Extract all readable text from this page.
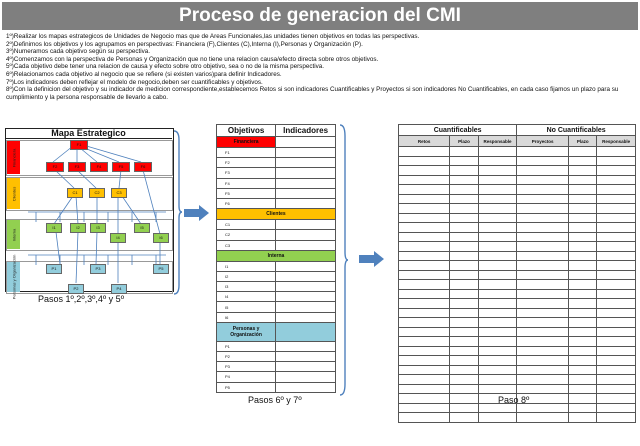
Proceso de generacion del CMI
1º)Realizar los mapas estrategicos de Unidades de Negocio mas que de Areas Funcionales,las unidades tienen objetivos en todas las perspectivas.
2º)Definimos los objetivos y los agrupamos en perspectivas: Financiera (F),Clientes (C),Interna (I),Personas y Organización (P).
3º)Numeramos cada objetivo según su perspectiva.
4º)Comenzamos con la perspectiva de Personas y Organización que no tiene una relacion causa/efecto directa sobre otros objetivos.
5º)Cada objetivo debe tener una relacion de causa y efecto sobre otro objetivo, sea o no de la misma perspectiva.
6º)Relacionamos cada objetivo al negocio que se refiere (si existen varios)para definir Indicadores.
7º)Los indicadores deben reflejar el modelo de negocio,deben ser cuantificables y objetivos.
8º)Con la definicion del objetivo y su indicador de medicion correspondiente,establecemos Retos si son indicadores Cuantificables y Proyectos si son indicadores No Cuantificables, en cada caso fijamos un plazo para su cumplimiento y la persona responsable de llevarlo a cabo.
Mapa Estrategico
Financiera
Clientes
Interna
Personas y Organización
F1
F2	F3	F4	F5	F6
C1	C2	C3
I1	I2	I3
I4
I5
I6
P1
P2
P3
P4
P5
Pasos 1º,2º,3º,4º y 5º
Objetivos	Indicadores
Financiera	
F1	
F2	
F3	
F4	
F5	
F6	
Clientes	
C1	
C2	
C3	
Interna	
I1	
I2	
I3	
I4	
I5	
I6	
Personas y Organización	
P1	
P2	
P3	
P4	
P5	
Pasos 6º y 7º
Cuantificables			No Cuantificables		
Retos	Plazo	Responsable	Proyectos	Plazo	Responsable

Paso 8º
